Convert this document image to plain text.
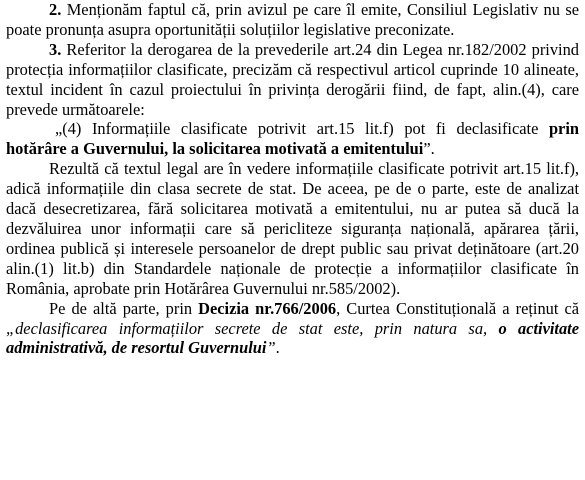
2. Menționăm faptul că, prin avizul pe care îl emite, Consiliul Legislativ nu se poate pronunța asupra oportunității soluțiilor legislative preconizate.

3. Referitor la derogarea de la prevederile art.24 din Legea nr.182/2002 privind protecția informațiilor clasificate, precizăm că respectivul articol cuprinde 10 alineate, textul incident în cazul proiectului în privința derogării fiind, de fapt, alin.(4), care prevede următoarele:

„(4) Informațiile clasificate potrivit art.15 lit.f) pot fi declasificate prin hotărâre a Guvernului, la solicitarea motivată a emitentului”.

Rezultă că textul legal are în vedere informațiile clasificate potrivit art.15 lit.f), adică informațiile din clasa secrete de stat. De aceea, pe de o parte, este de analizat dacă desecretizarea, fără solicitarea motivată a emitentului, nu ar putea să ducă la dezvăluirea unor informații care să pericliteze siguranța națională, apărarea țării, ordinea publică și interesele persoanelor de drept public sau privat deținătoare (art.20 alin.(1) lit.b) din Standardele naționale de protecție a informațiilor clasificate în România, aprobate prin Hotărârea Guvernului nr.585/2002).

Pe de altă parte, prin Decizia nr.766/2006, Curtea Constituțională a reținut că „declasificarea informațiilor secrete de stat este, prin natura sa, o activitate administrativă, de resortul Guvernului”.
